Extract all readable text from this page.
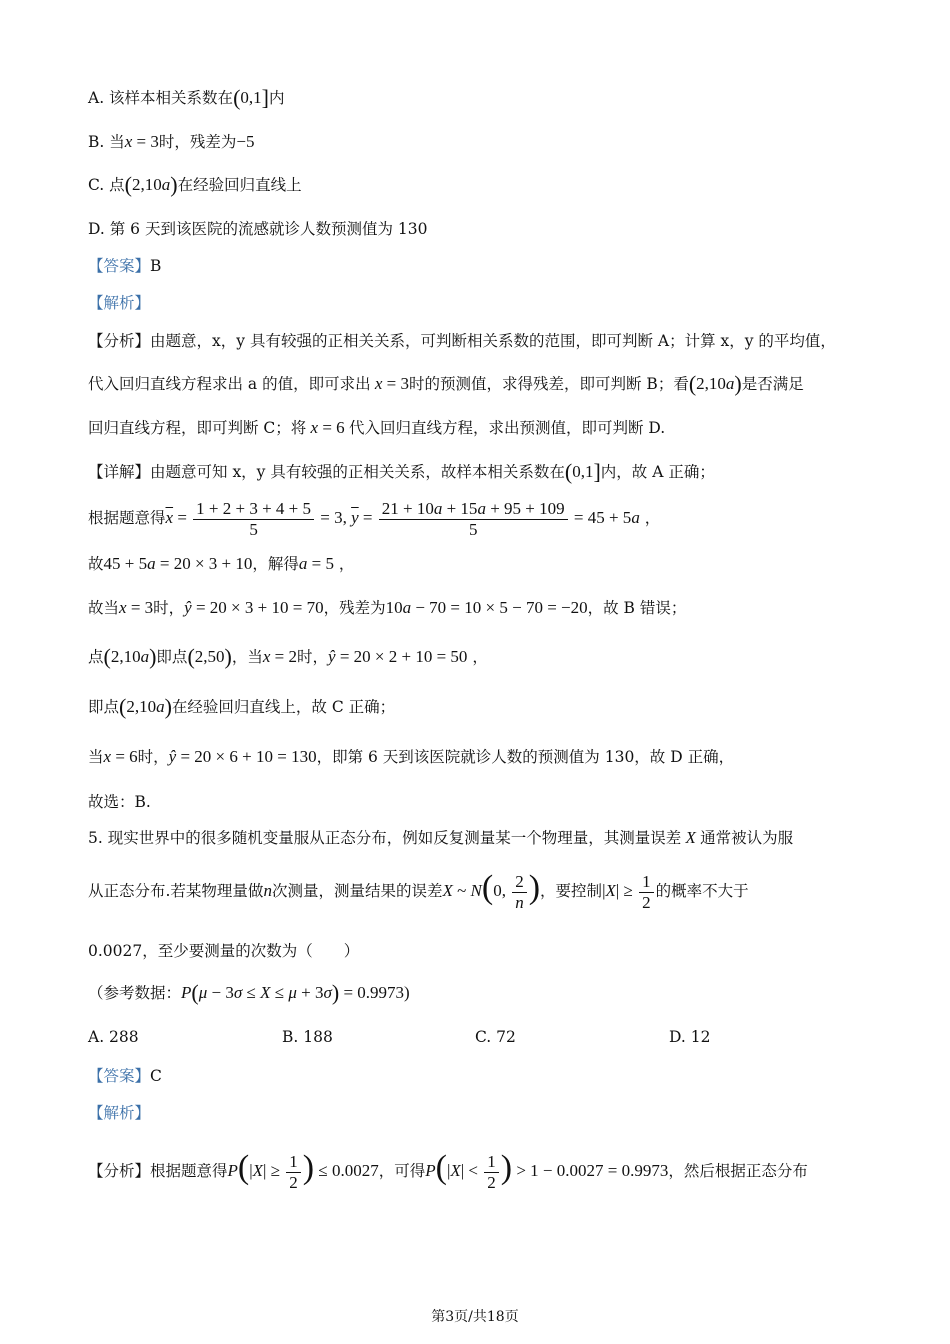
A. 该样本相关系数在(0,1]内
B. 当x = 3时，残差为−5
C. 点(2,10a)在经验回归直线上
D. 第 6 天到该医院的流感就诊人数预测值为 130
【答案】B
【解析】
【分析】由题意，x，y 具有较强的正相关关系，可判断相关系数的范围，即可判断 A；计算 x，y 的平均值，
代入回归直线方程求出 a 的值，即可求出 x = 3时的预测值，求得残差，即可判断 B；看(2,10a)是否满足
回归直线方程，即可判断 C；将 x = 6 代入回归直线方程，求出预测值，即可判断 D.
【详解】由题意可知 x，y 具有较强的正相关关系，故样本相关系数在(0,1]内，故 A 正确；
根据题意得$\overline{x} = \frac{1 + 2 + 3 + 4 + 5}{5} = 3$, $\overline{y} = \frac{21 + 10a + 15a + 95 + 109}{5} = 45 + 5a$ ，
故45 + 5a = 20 × 3 + 10，解得a = 5 ，
故当x = 3时，ŷ = 20 × 3 + 10 = 70，残差为10a − 70 = 10 × 5 − 70 = −20，故 B 错误；
点(2,10a)即点(2,50)，当x = 2时，ŷ = 20 × 2 + 10 = 50 ，
即点(2,10a)在经验回归直线上，故 C 正确；
当x = 6时，ŷ = 20 × 6 + 10 = 130，即第 6 天到该医院就诊人数的预测值为 130，故 D 正确，
故选：B.
5. 现实世界中的很多随机变量服从正态分布，例如反复测量某一个物理量，其测量误差 X 通常被认为服
从正态分布.若某物理量做n次测量，测量结果的误差X ~ N(0, $\frac{2}{n}$ )，要控制$|X| \ge \frac{1}{2}$ 的概率不大于
0.0027，至少要测量的次数为（　　）
（参考数据：P(μ − 3σ ≤ X ≤ μ + 3σ) = 0.9973)
A. 288	B. 188	C. 72	D. 12
【答案】C
【解析】
【分析】根据题意得$P(|X| \ge \frac{1}{2}$ ) ≤ 0.0027，可得$P(|X| < \frac{1}{2}$ ) > 1 − 0.0027 = 0.9973，然后根据正态分布
第3页/共18页
